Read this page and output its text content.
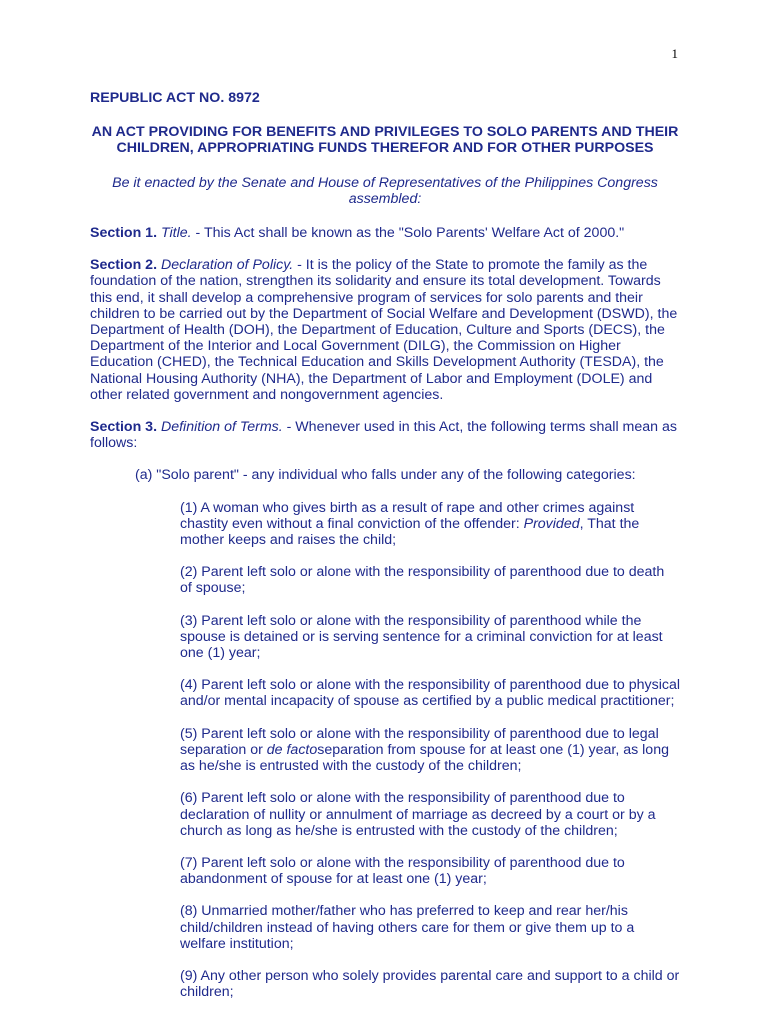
1
REPUBLIC ACT NO. 8972
AN ACT PROVIDING FOR BENEFITS AND PRIVILEGES TO SOLO PARENTS AND THEIR
CHILDREN, APPROPRIATING FUNDS THEREFOR AND FOR OTHER PURPOSES
Be it enacted by the Senate and House of Representatives of the Philippines Congress
assembled:

Section 1. Title. - This Act shall be known as the "Solo Parents' Welfare Act of 2000."

Section 2. Declaration of Policy. - It is the policy of the State to promote the family as the foundation of the nation, strengthen its solidarity and ensure its total development. Towards this end, it shall develop a comprehensive program of services for solo parents and their children to be carried out by the Department of Social Welfare and Development (DSWD), the Department of Health (DOH), the Department of Education, Culture and Sports (DECS), the Department of the Interior and Local Government (DILG), the Commission on Higher Education (CHED), the Technical Education and Skills Development Authority (TESDA), the National Housing Authority (NHA), the Department of Labor and Employment (DOLE) and other related government and nongovernment agencies.

Section 3. Definition of Terms. - Whenever used in this Act, the following terms shall mean as follows:

(a) "Solo parent" - any individual who falls under any of the following categories:

(1) A woman who gives birth as a result of rape and other crimes against chastity even without a final conviction of the offender: Provided, That the mother keeps and raises the child;

(2) Parent left solo or alone with the responsibility of parenthood due to death of spouse;

(3) Parent left solo or alone with the responsibility of parenthood while the spouse is detained or is serving sentence for a criminal conviction for at least one (1) year;

(4) Parent left solo or alone with the responsibility of parenthood due to physical and/or mental incapacity of spouse as certified by a public medical practitioner;

(5) Parent left solo or alone with the responsibility of parenthood due to legal separation or de factoseparation from spouse for at least one (1) year, as long as he/she is entrusted with the custody of the children;

(6) Parent left solo or alone with the responsibility of parenthood due to declaration of nullity or annulment of marriage as decreed by a court or by a church as long as he/she is entrusted with the custody of the children;

(7) Parent left solo or alone with the responsibility of parenthood due to abandonment of spouse for at least one (1) year;

(8) Unmarried mother/father who has preferred to keep and rear her/his child/children instead of having others care for them or give them up to a welfare institution;

(9) Any other person who solely provides parental care and support to a child or children;
